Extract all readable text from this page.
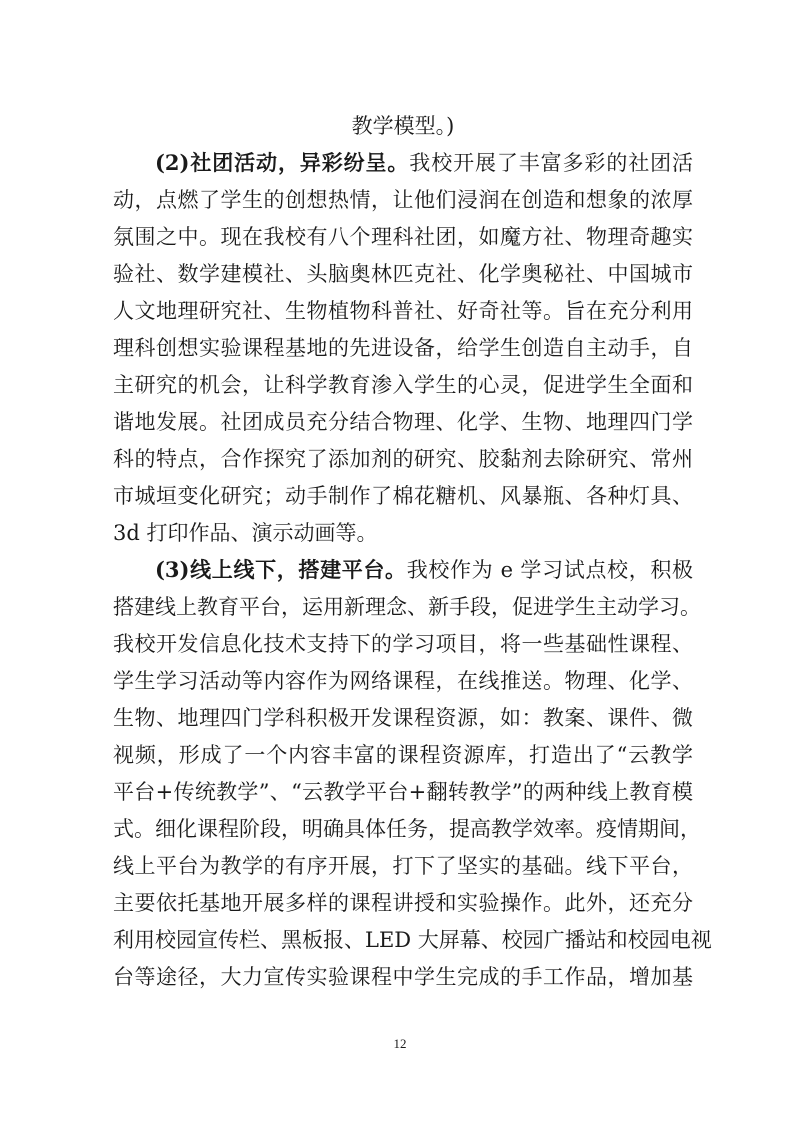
教学模型。)
(2)社团活动，异彩纷呈。我校开展了丰富多彩的社团活
动，点燃了学生的创想热情，让他们浸润在创造和想象的浓厚
氛围之中。现在我校有八个理科社团，如魔方社、物理奇趣实
验社、数学建模社、头脑奥林匹克社、化学奥秘社、中国城市
人文地理研究社、生物植物科普社、好奇社等。旨在充分利用
理科创想实验课程基地的先进设备，给学生创造自主动手，自
主研究的机会，让科学教育渗入学生的心灵，促进学生全面和
谐地发展。社团成员充分结合物理、化学、生物、地理四门学
科的特点，合作探究了添加剂的研究、胶黏剂去除研究、常州
市城垣变化研究；动手制作了棉花糖机、风暴瓶、各种灯具、
3d 打印作品、演示动画等。
(3)线上线下，搭建平台。我校作为 e 学习试点校，积极
搭建线上教育平台，运用新理念、新手段，促进学生主动学习。
我校开发信息化技术支持下的学习项目，将一些基础性课程、
学生学习活动等内容作为网络课程，在线推送。物理、化学、
生物、地理四门学科积极开发课程资源，如：教案、课件、微
视频，形成了一个内容丰富的课程资源库，打造出了“云教学
平台+传统教学”、“云教学平台+翻转教学”的两种线上教育模
式。细化课程阶段，明确具体任务，提高教学效率。疫情期间，
线上平台为教学的有序开展，打下了坚实的基础。线下平台，
主要依托基地开展多样的课程讲授和实验操作。此外，还充分
利用校园宣传栏、黑板报、LED 大屏幕、校园广播站和校园电视
台等途径，大力宣传实验课程中学生完成的手工作品，增加基
12
